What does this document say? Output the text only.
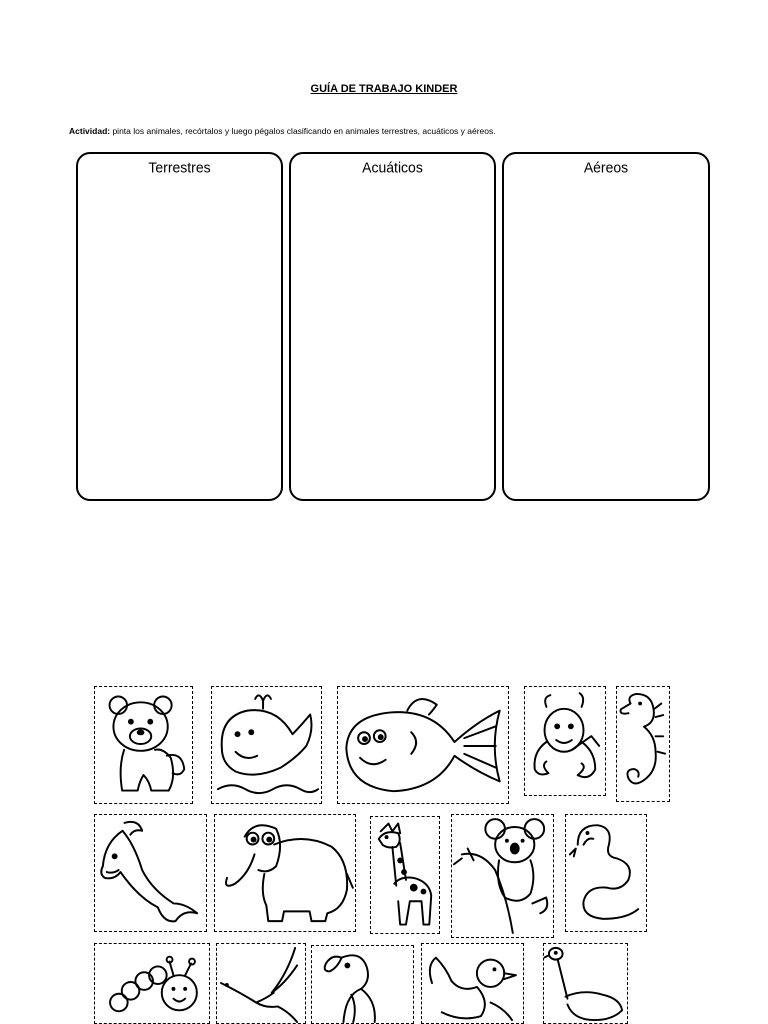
GUÍA DE TRABAJO KINDER
Actividad: pinta los animales, recórtalos y luego pégalos clasificando en animales terrestres, acuáticos y aéreos.
Terrestres	Acuáticos	Aéreos
